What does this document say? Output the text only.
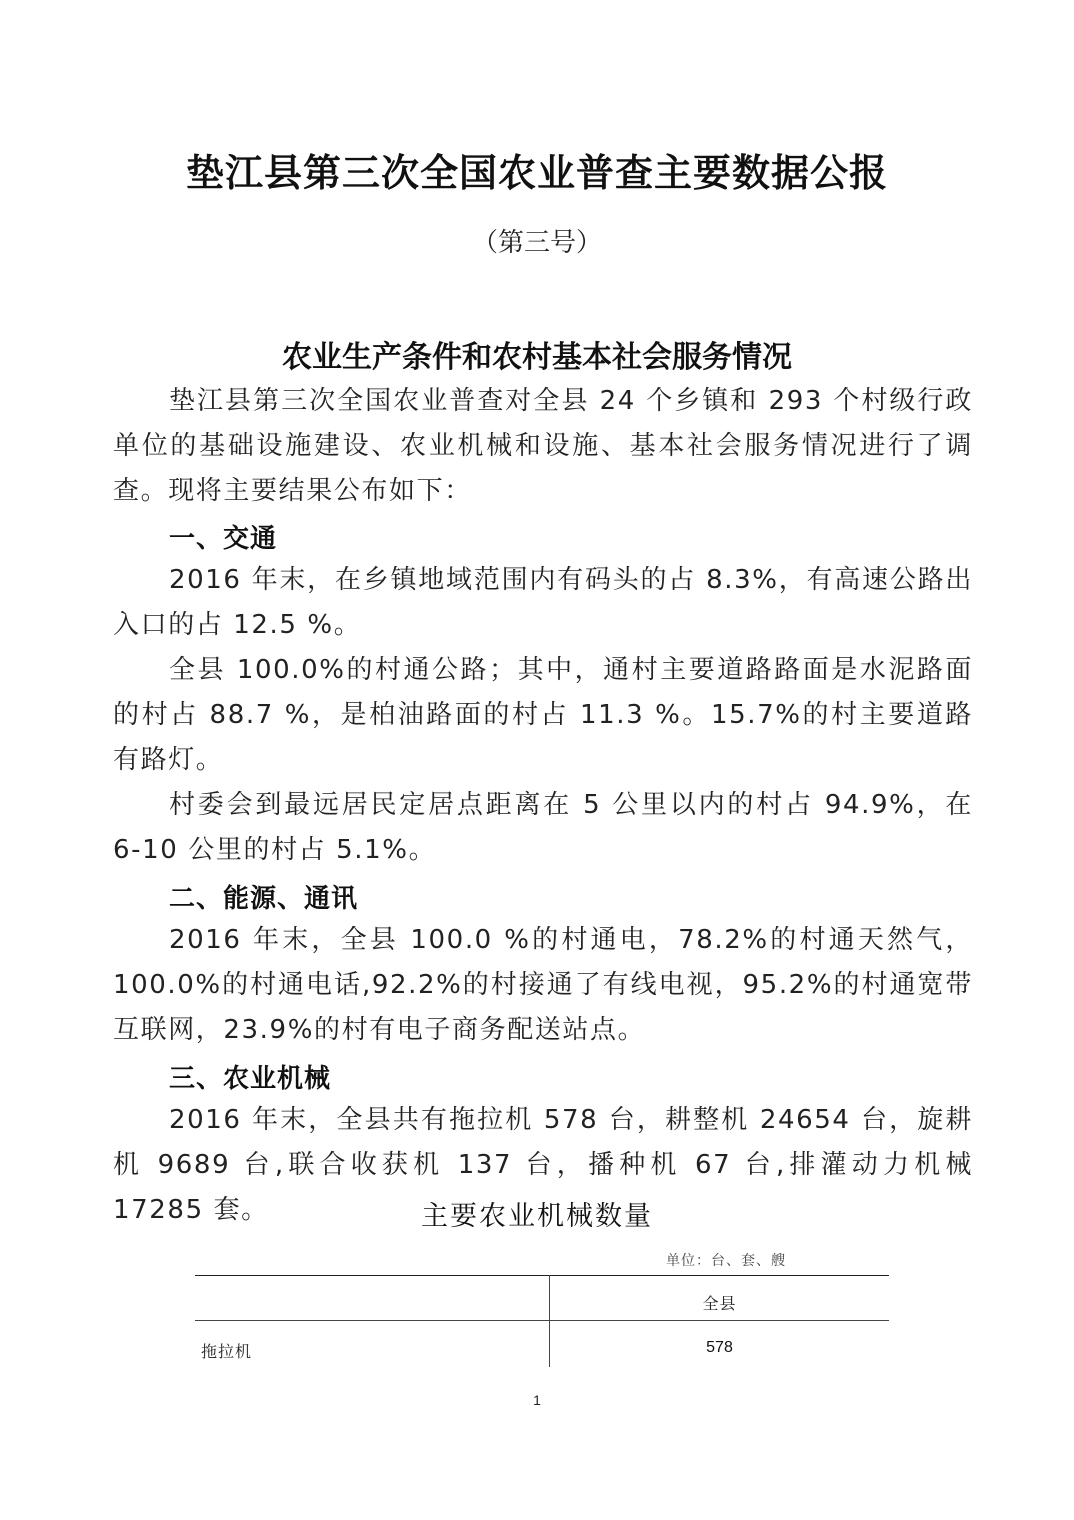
垫江县第三次全国农业普查主要数据公报
（第三号）
农业生产条件和农村基本社会服务情况
垫江县第三次全国农业普查对全县 24 个乡镇和 293 个村级行政单位的基础设施建设、农业机械和设施、基本社会服务情况进行了调查。现将主要结果公布如下：
一、交通
2016 年末，在乡镇地域范围内有码头的占 8.3%，有高速公路出入口的占 12.5 %。
全县 100.0%的村通公路；其中，通村主要道路路面是水泥路面的村占 88.7 %，是柏油路面的村占 11.3 %。15.7%的村主要道路有路灯。
村委会到最远居民定居点距离在 5 公里以内的村占 94.9%，在 6-10 公里的村占 5.1%。
二、能源、通讯
2016 年末，全县 100.0 %的村通电，78.2%的村通天然气，100.0%的村通电话,92.2%的村接通了有线电视，95.2%的村通宽带互联网，23.9%的村有电子商务配送站点。
三、农业机械
2016 年末，全县共有拖拉机 578 台，耕整机 24654 台，旋耕机 9689 台,联合收获机 137 台，播种机 67 台,排灌动力机械 17285 套。	主要农业机械数量
单位：台、套、艘
全县
拖拉机	578
1
